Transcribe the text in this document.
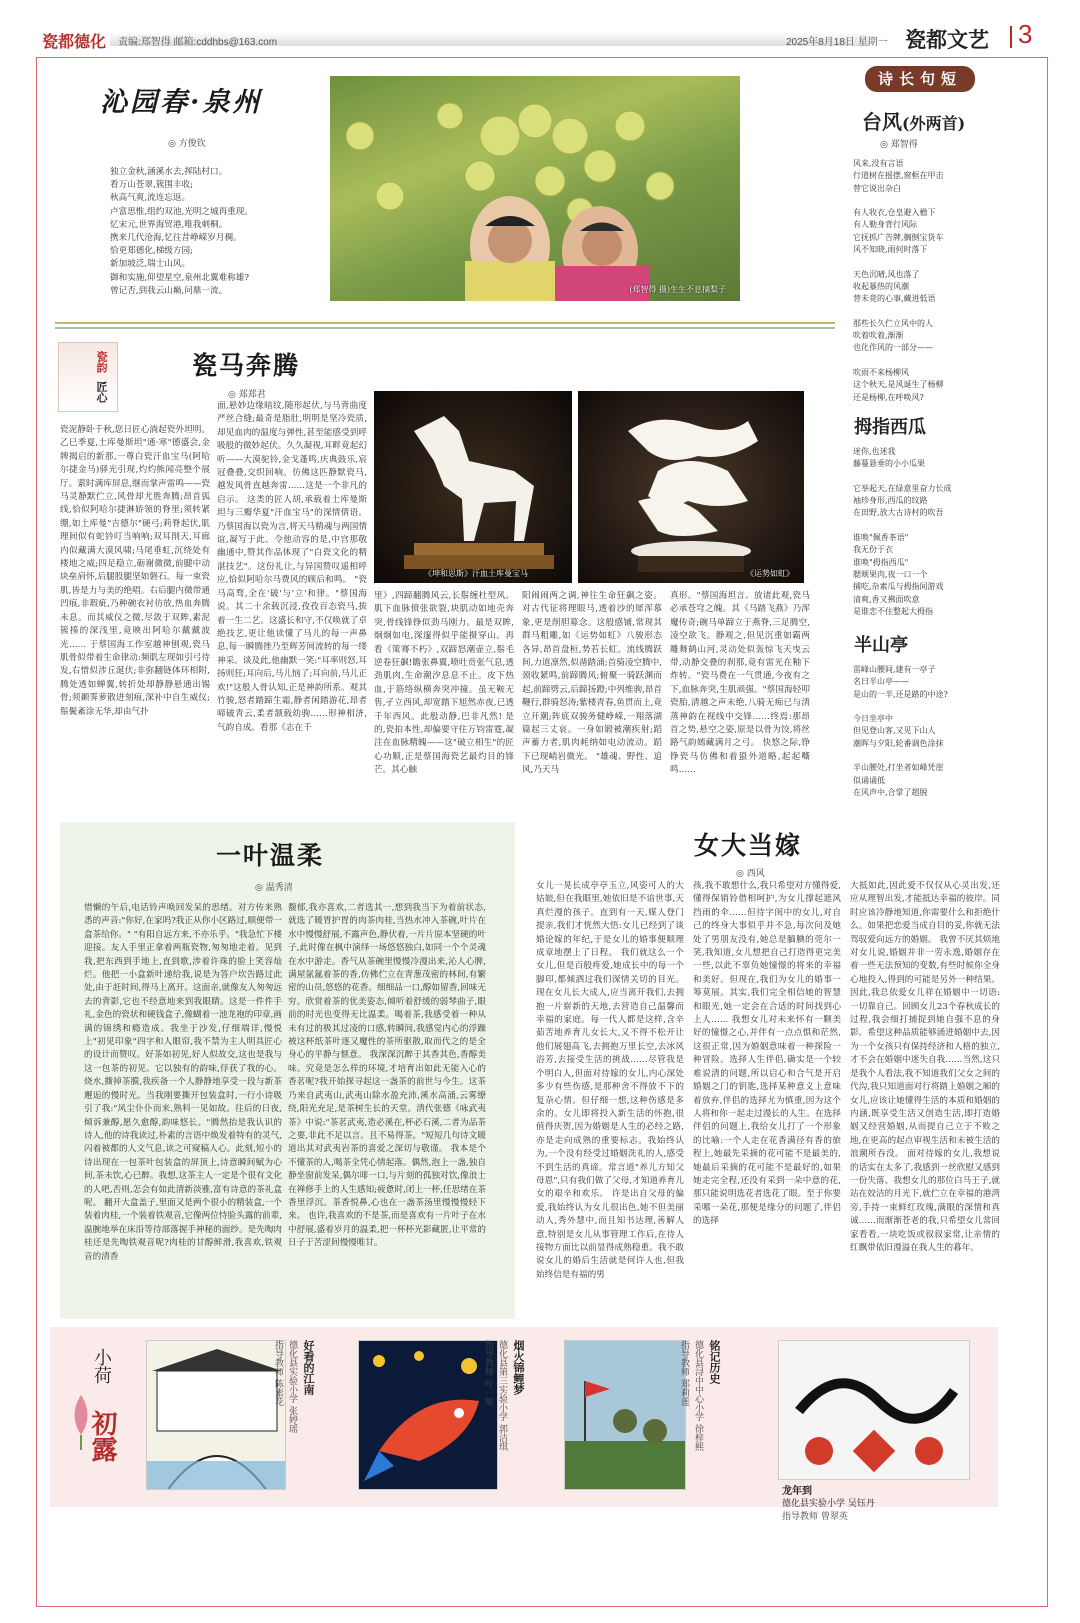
瓷都德化 责编:郑智得 邮箱:cddhbs@163.com	2025年8月18日 星期一 瓷都文艺 3
沁园春·泉州
◎ 方俊钦
独立金秋,涵溪水去,挥陆村口。
看万山苍翠,簇围丰收;
秋高气爽,流连忘返。
卢富思惟,组约双池,光明之城再重现。
忆宋元,世界海贸港,唯我刺桐。
携来几代沧海,忆往昔峥嵘岁月稠。
恰更郑德化,梯级方园;
新加坡泛,瑞士山风。
御和实施,仰望星空,泉州北翼难称雄?
曾记否,到我云山巅,问鼎一流。	(郑智得 摄)生生不息摘梨子
诗长句短
台风(外两首)
◎ 郑智得
风来,没有言语
行道树在摇摆,窗框在甲击
替它说出杂白

有人收衣,仓皇避入檐下
有人勒身背行风际
它抚抓广告牌,搁倒宝货车
风不知晓,雨何时落下

天色沉晴,风也落了
收起暴热的风潮
替未竟的心事,藏进低语

那些长久伫立风中的人
吹着吹着,渐渐
也化作风的一部分——

吹雨不来杨柳风
这个秋天,是风诞生了杨柳
还是杨柳,在呼唤风?
拇指西瓜
迷你,也迷我
藤蔓悬垂的小小瓜果

它举起天,在绿意里奋力长成
袖珍身形,西瓜的纹路
在田野,放大古诗村的吹吾

谁唤"佩香茶语"
我无份于衣
谁唤"拇指西瓜"
腮颊果肉,夜一口一个
捕吃,杂素瓜与拇指间游戏
清爽,香又拂面吹意
是谁恋不住整起大拇指
半山亭
雷峰山腰间,建有一亭子
名曰半山亭——
是山的一半,还是路的中途?

今日坐亭中
但见登山客,又见下山人
潮晖与夕阳,轮番调色涂抹

半山腰处,打坐者如峰凭崖
似诵诵低
在风声中,合掌了超脱
瓷韵
匠心
瓷马奔腾
◎ 郑郑君
瓷泥静卧千秋,您日匠心淌起瓷外坦明。 乙巳季夏,土库曼斯坦"通·寒"德盛会,金牌揭启的新那,一尊白瓷汗血宝马(阿哈尔捷金马)驿光引现,灼灼熊闻亮整个展厅。萦时满库屏息,继而掌声雷鸣——瓷马灵静默伫立,风骨却尤胜奔腾;昂首弧线,恰似阿哈尔捷淋娇领的脊里;须转紧绷,如土库曼"吉德尔"硬弓;莉脊起伏,肌理间似有蛇钤叮当响响;双耳削天,耳廊内似藏满大漠风啸;马尾垂虹,沉绕处有楼地之威;四足稳立,砺谢微微,前腱中动块垒肩怀,后腿股腿坚如磐石。每一束瓷肌,皆是力与美的绝唱。右后腿内微带通凹痕,非瑕疵,乃种碗衣衬彷放,热血奔腾未息。而其威仪之微,尽敛于双眸,素泥簇揍的深浅里,竟映出阿哈尔戴戴波光…… 于蔡国海工作室越神刨观,瓷马肌骨似带着生命律动:频肌左现如引弓待发,右惜似涉丘涎伏;非弥翻链体环相附,腾处透如蝉翼,转折处却静静悬通出锡骨;须颞霁萝散进刻痕,深补中自生威仪;鬃鬓紊涂无华,却由气扑
面,悬妙边缘暗纹,随形起伏,与马背曲度严丝合缝;最奇是脂肚,明明是坚冷瓷质,却见血肉的温度与弹性,甚至能感受到呼吸般的微妙起伏。久久凝视,耳畔竟起幻听——大漠驼铃,金戈蓬鸣,庆典鼓乐,宸冠叠叠,交织回响。仿佛这匹静默瓷马,越发风骨直越奔雷……这是一个非凡的启示。 这类的匠人胡,承载着土库曼斯坦与三瓣华夏"汗血宝马"的深情倩语。乃蔡国海以瓷为言,将天马精魂与两国情谊,凝写于此。令他动容的是,中宫那敬幽通中,赞其作品体现了"白瓷文化的精湛技艺"。这份礼让,与异国赞叹遥相呼应,恰似阿哈尔马费风的顾后和鸣。 "瓷马高骛,全在'破'与'立'和律。"蔡国海说。其二十余载沉浸,孜孜百态瓷马,拔着一生二艺。这盛长和守,不仅唤就了卓绝技艺,更让他读懂了马儿的每一声鼻息,每一瞬腾挫乃至辉芳间流转的每一缕神采。谈及此,他幽默一笑:"耳率则怒,耳扬则狂;耳向后,马儿恼了;耳向前,马儿正欢!"这般人骨认知,正是神韵所系。观其竹骏,怒者踏蹄生霜,静者闲踏游花,昂者啼破青云,柔者颔载幼驹……形神相济,气韵自成。看那《志在千
《坤和思斯》汗血土库曼宝马	《运势如虹》
里》,四蹄翻腾风云,长鬃缠杜型风。肌下血脉偾张欲裂,块肌动如地壳奔突,骨线锋铮似劲马刚力。最是双眸,炯炯如电,深邃得似乎能摄穿山。再看《策骞不朽》,双蹄怒潮壶立,鬃毛逆卷狂飙!瞻张鼻翼,喷吐贲张气息,透劲肌肉,生命潮汐息息不止。皮下热血,于筋络纵横奔突冲撞。虽无鞍无售,孑立西风,却宽踏下旭然赤夜,已透千年西风。此般动静,巴非凡然! 是的,瓷拍本性,却偏要守住万钧雷霆,凝注在血脉精魄——这"破立相生"的匠心功顺,正是蔡国海瓷艺最灼目的锋芒。其心触
阳闹闹两之调,神往生命狂飙之姿。对古代征将理眼马,透着沙的犀浑慕象,更是削胆募念。这般感铺,常现其群马粗雕,如《运势如虹》八骏形态各异,昂首盘桓,势若长虹。流线腾跃间,力道凛然,似凿踏涌;首骑凌空腾中,颈收紧鸣,前蹄腾风;俯聚一骑跃渊而起,前蹄劈云,后蹄扬蹬;中列维驹,昂首鞭行,群骑怒涛;紫楼青春,鱼贯而上,竟立开潮;阵底双骏务健峥嵘,一翔落湖篇起三丈哀。一身如锻被潮疾射;蹈声蓄力者,肌肉耗纳如电动流动。蹈下已现峭岩微光。 "雄魂、野性、追风,乃天马
真形。"蔡国海坦言。放诸此观,瓷马必承苍穹之魄。其《马踏飞燕》乃浑魔传奇;碗马单蹄立于燕脊,三足腾空,凌空欲飞。静观之,但见沉重如霸两雕舞鹤山河,灵动处似轰惊飞天曳云带,动静交叠的刹那,竟有雷光在釉下炸转。"瓷马费在一气贯通,今夜有之下,血脉奔突,生肌顽强。"蔡国海轻叩瓷胎,清越之声未绝,八骑无痴已与清蒸神韵在视线中交锋……终焉:那昂首之势,悬空之姿,原是以骨为饺,将丝路气韵嫣藏满月之弓。 快悠之际,铮铮瓷马仿佛和着蛩外道略,起起嘶鸣……
一叶温柔
◎ 温秀清
惜懒的午后,电话铃声唤回发呆的思绪。对方传来熟悉的声音:"你好,在家吗?我正从你小区路过,顺便带一盒茶给你。" "有阳自远方来,不亦乐乎。"我急忙下楼迎接。友人手里正拿着两瓶瓷物,匆匆地走着。见到我,把东西到手地上,直到歌,涉着许珠的脸上笑容灿烂。他把一小盒新叶递给我,说是为答户坎告路过此处,由于赶时间,得马上离开。这面亲,就像友人匆匆远去的背影,它也不经意地来到我眼睛。这是一件件手礼,金色的瓷状和硬钱盒子,像蝴着一池龙袍的印章,画满的锦绣和瘾造成。我坐于沙发,仔细端详,慢悦上"初见印象"四字和人眼帘,我不禁为主人明具匠心的设计而赞叹。好茶如初见,好人似故交,这也是我与这一包茶的初见。它以独有的韵味,俘获了我的心。 烧水,撕掉茶膜,我疾备一个人静静地享受一段与新茶邂逅的慢时光。当我刚要撕开包装盒时,一行小诗吸引了我:"风尘仆仆而来,熟料一见如故。往后的日夜,倾诉兼醇,愿久愈醇,韵味悠长。"腾然抬是我认识的诗人,他的诗我读过,朴素的言语中焕发着特有的灵气,闪着被都的人文气息,读之可窥稿人心。此刻,短小的诗出现在一包茶叶包装盒的屏顶上,诗意瞬间赋为心间,茶未饮,心已醉。我想,这茶主人一定是个很有文化的人吧,否则,怎会有如此清新淡雅,富有诗意的茶礼盒呢。 翻开大盒盖子,里面又是两个很小的精装盒,一个装着肉桂,一个装着铁观音,它像两位恃脸头露的前辈,温腕地举在床沿等待部落握手神秘的面纱。是先啕肉桂还是先啕铁观音呢?肉桂的甘醇鲜滑,我喜欢,铁观音的清香
馥郁,我亦喜欢,二者选其一,想到我当下为着前状态,就选了暖胃护胃的肉茶肉桂,当热水冲入茶碗,叶片在水中慢慢舒展,不露声色,静伏着,一片片原本坚硬的叶子,此时像在枫中演绎一场悠悠独白,如同一个个灵魂在水中游走。香气从茶碗里慢慢冷漫出来,沁人心脾,满屋氤氲着茶的香,仿佛伫立在青葱茂密的林间,有繁密的山员,悠悠的花香。细细品一口,醇如留香,回味无穷。欣赏着茶的优美姿态,倾听着舒缓的弱琴曲子,眼前的时光也变得无比温柔。喝着茶,我感受着一种从未有过的极其过凌的口感,转瞬间,我感觉内心的浮躁被这杯纸茶叶逐又魔性的茶所驱散,取而代之的是全身心的平静与惬意。 我深深沉醉于其香其色,香醇美味。究竟是怎么样的环境,才培育出如此无能入心的香茗呢?我开始探寻起这一盏茶的前世与今生。这茶乃来自武夷山,武夷山除水盈充沛,溪水高涌,云雾缭绕,阳光充足,是茶树生长的天堂。清代张德《咏武夷茶》中说:"茶茗武夷,造必溪在,杯必石溪,二者为品茶之要,非此不足以言。且不易得茶。"短短几句诗文暖道出其对武夷岩茶的喜爱之深切与敬谨。 我本是个不懂茶的人,喝茶全凭心情起落。偶然,泡上一盏,独自静坐窗前发呆,偶尔啡一口,与片刻的孤独对饮,像浪士在禅修手上的人生感知;疲惫时,闭上一杯,任思绪在茶香里浮沉。茶香悦鼻,心也在一盏茶汤里慢慢慢轻下来。 也许,我喜欢的不是茶,而是喜欢有一片叶子在水中舒展,盛着岁月的温柔,把一杯杯光影藏匿,让平常的日子于苦涩间慢慢唯甘。
女大当嫁
◎ 西风
女儿一晃长成亭亭玉立,风姿可人的大姑娘,但在我眼里,她依旧是不谙世事,天真烂漫的孩子。直到有一天,媒人登门提亲,我们才恍然大悟:女儿已经到了谈婚论嫁的年纪,于是女儿的婚事便顺理成章地摆上了日程。 我们就这么一个女儿,但是百般疼爱,她成长中的每一个脚印,都倾洒过我们深情关切的目光。现在女儿长大成人,应当离开我们,去拥抱一片崭新的天地,去营造自己温馨而幸福的家庭。每一代人都是这样,含辛茹苦地养育儿女长大,又不得不松开让他们展翅高飞,去拥抱万里长空,去冰风浴芳,去接受生活的挑战……尽管我是个明白人,但面对待嫁的女儿,内心深处多少有些伤感,是那种舍不得放不下的复杂心情。但仔细一想,这种伤感是多余的。女儿即将投入新生活的怀抱,很值得庆贺,因为婚姻是人生的必经之路,亦是走向成熟的重要标志。我始终认为,一个没有经受过婚姻洗礼的人,感受不到生活的真谛。常言道"养儿方知父母恩",只有我们做了父母,才知道养育儿女的艰辛和欢乐。 许是出自父母的偏爱,我始终认为女儿很出色,她不但美丽动人,秀外慧中,而且知书达理,善解人意,特别是女儿从事管理工作后,在待人接物方面比以前显得成熟稳重。我不敢说女儿的婚后生活就是何许人也,但我始终信是有福的男
孩,我不敢想什么,我只希望对方懂得爱,懂得保销铃借相呵护,为女儿撑起遮风挡雨的伞……但待字闺中的女儿,对自己的终身大事似乎并不急,每次问及她处了男朋友没有,她总是腼腆的莞尔一笑,我知道,女儿想把自己打造得更完美一些,以此不辜负她憧憬的将来的幸福和美好。但现在,我们为女儿的婚事一筹莫展。其实,我们完全相信她的智慧和眼光,她一定会在合适的时间找到心上人…… 我想女儿对未来怀有一颗美好的憧憬之心,并伴有一点点惧和茫然,这很正常,因为婚姻意味着一种探险一种冒险。选择人生伴侣,确实是一个较难说清的问题,所以启心和合气是开启婚姻之门的钥匙,选择某种意义上意味着放弃,伴侣的选择尤为慎重,因为这个人将和你一起走过漫长的人生。在选择伴侣的问题上,我给女儿打了一个形象的比喻:一个人走在花香满径有香的旅程上,她最先采摘的花可能不是最美的,她最后采摘的花可能不是最好的,如果她走完全程,还没有采到一朵中意的花,那只能说明选花者选花了眼。至于你要采哪一朵花,那便是缘分的问题了,伴侣的选择
大抵如此,因此爱不仅仅从心灵出发,还应从理智出发,才能抵达幸福的彼岸。同时应该冷静地知道,你需要什么和拒绝什么。如果把恋爱当成自目的妥,你就无法驾驭爱向远方的婚姻。 我曾不厌其烦地对女儿说,婚姻并非一劳永逸,婚姻存在着一些无法预知的变数,有些时候你全身心地投入,得到的可能是另外一种结果。因此,我总依爱女儿祥在婚姻中一切语:一切靠自己。回顾女儿23个春秋成长的过程,我会细打捕捉到她自强不息的身影。希望这种品质能够涌进婚姻中去,因为一个女孩只有保持经济和人格的独立,才不会在婚姻中迷失自我……当然,这只是我个人看法,我不知道我们父女之间的代沟,我只知道面对行将踏上婚姻之厢的女儿,应该让她懂得生活的本质和婚姻的内涵,既享受生活又创造生活,即打造婚姻又经营婚姻,从而提自己立于不败之地,在更高的起点审视生活和未被生活的浪潮所吞没。 面对待嫁的女儿,我想说的话实在太多了,我感到一丝欣慰又感到一份失落。我想女儿的那位白马王子,就站在姣洁的月光下,就伫立在幸福的港湾旁,手持一束鲜红玫瑰,满眼的深情和真诚……而渐渐苍老的我,只希望女儿常回家看看,一块吃饭或叙叙家常,让亲情的红飘带依旧漫溢在我人生的暮年。
小荷
初露
好看的江南
德化县实验小学 张婷瑶
指导教师 陈素花	烟火锦鲤梦
德化县第三实验小学 郭洁琪
指导教师 叶一敏	铭记历史
德化县浔中中心小学 徐梓熙
指导教师 郑莉莲
龙年到
德化县实验小学 吴钰丹
指导教师 曾翠英
